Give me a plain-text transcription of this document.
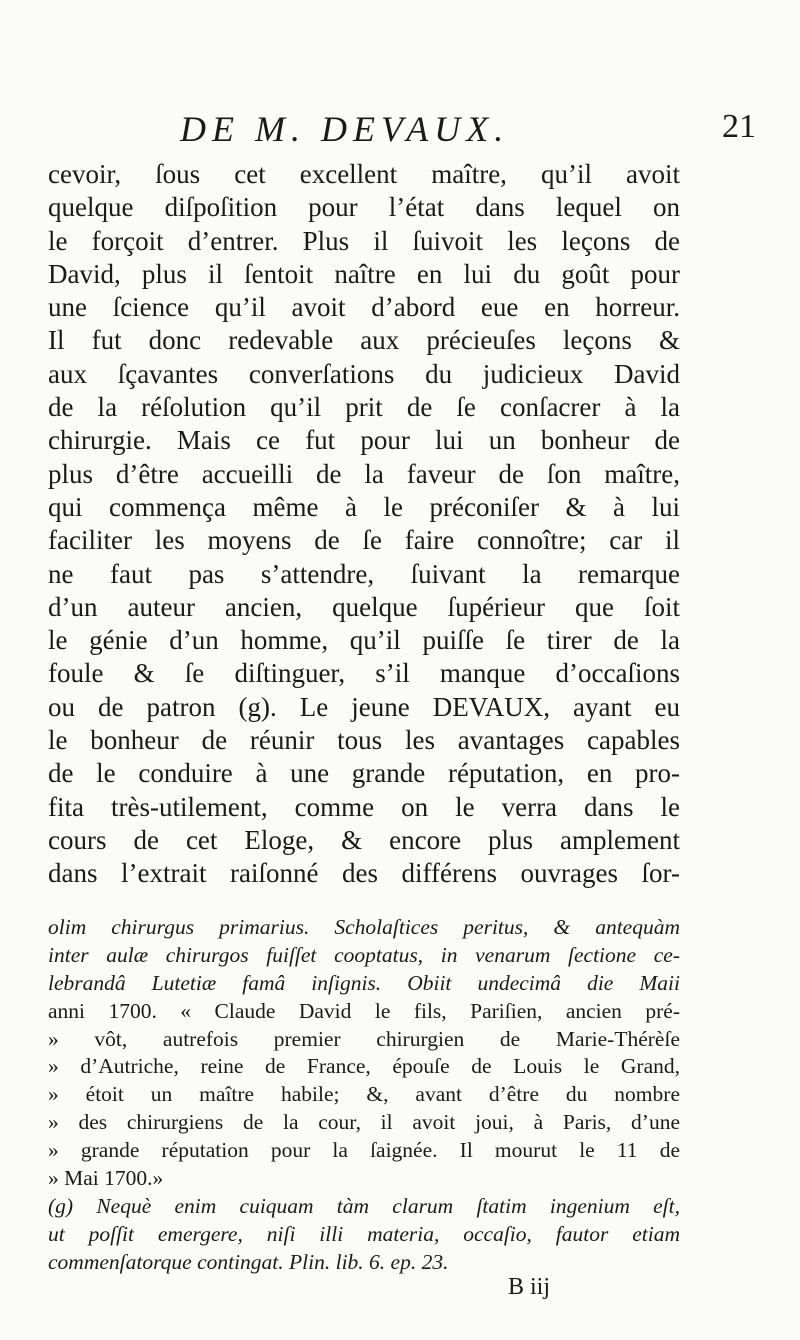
DE M. DEVAUX.	21
cevoir, ſous cet excellent maître, qu’il avoit
quelque diſpoſition pour l’état dans lequel on
le forçoit d’entrer. Plus il ſuivoit les leçons de
David, plus il ſentoit naître en lui du goût pour
une ſcience qu’il avoit d’abord eue en horreur.
Il fut donc redevable aux précieuſes leçons &
aux ſçavantes converſations du judicieux David
de la réſolution qu’il prit de ſe conſacrer à la
chirurgie. Mais ce fut pour lui un bonheur de
plus d’être accueilli de la faveur de ſon maître,
qui commença même à le préconiſer & à lui
faciliter les moyens de ſe faire connoître; car il
ne faut pas s’attendre, ſuivant la remarque
d’un auteur ancien, quelque ſupérieur que ſoit
le génie d’un homme, qu’il puiſſe ſe tirer de la
foule & ſe diſtinguer, s’il manque d’occaſions
ou de patron (g). Le jeune DEVAUX, ayant eu
le bonheur de réunir tous les avantages capables
de le conduire à une grande réputation, en pro-
fita très-utilement, comme on le verra dans le
cours de cet Eloge, & encore plus amplement
dans l’extrait raiſonné des différens ouvrages ſor-
olim chirurgus primarius. Scholaſtices peritus, & antequàm
inter aulæ chirurgos fuiſſet cooptatus, in venarum ſectione ce-
lebrandâ Lutetiæ famâ inſignis. Obiit undecimâ die Maii
anni 1700. « Claude David le fils, Pariſien, ancien pré-
» vôt, autrefois premier chirurgien de Marie-Thérèſe
» d’Autriche, reine de France, épouſe de Louis le Grand,
» étoit un maître habile; &, avant d’être du nombre
» des chirurgiens de la cour, il avoit joui, à Paris, d’une
» grande réputation pour la ſaignée. Il mourut le 11 de
» Mai 1700.»
(g) Nequè enim cuiquam tàm clarum ſtatim ingenium eſt,
ut poſſit emergere, niſi illi materia, occaſio, fautor etiam
commenſatorque contingat. Plin. lib. 6. ep. 23.
B iij
